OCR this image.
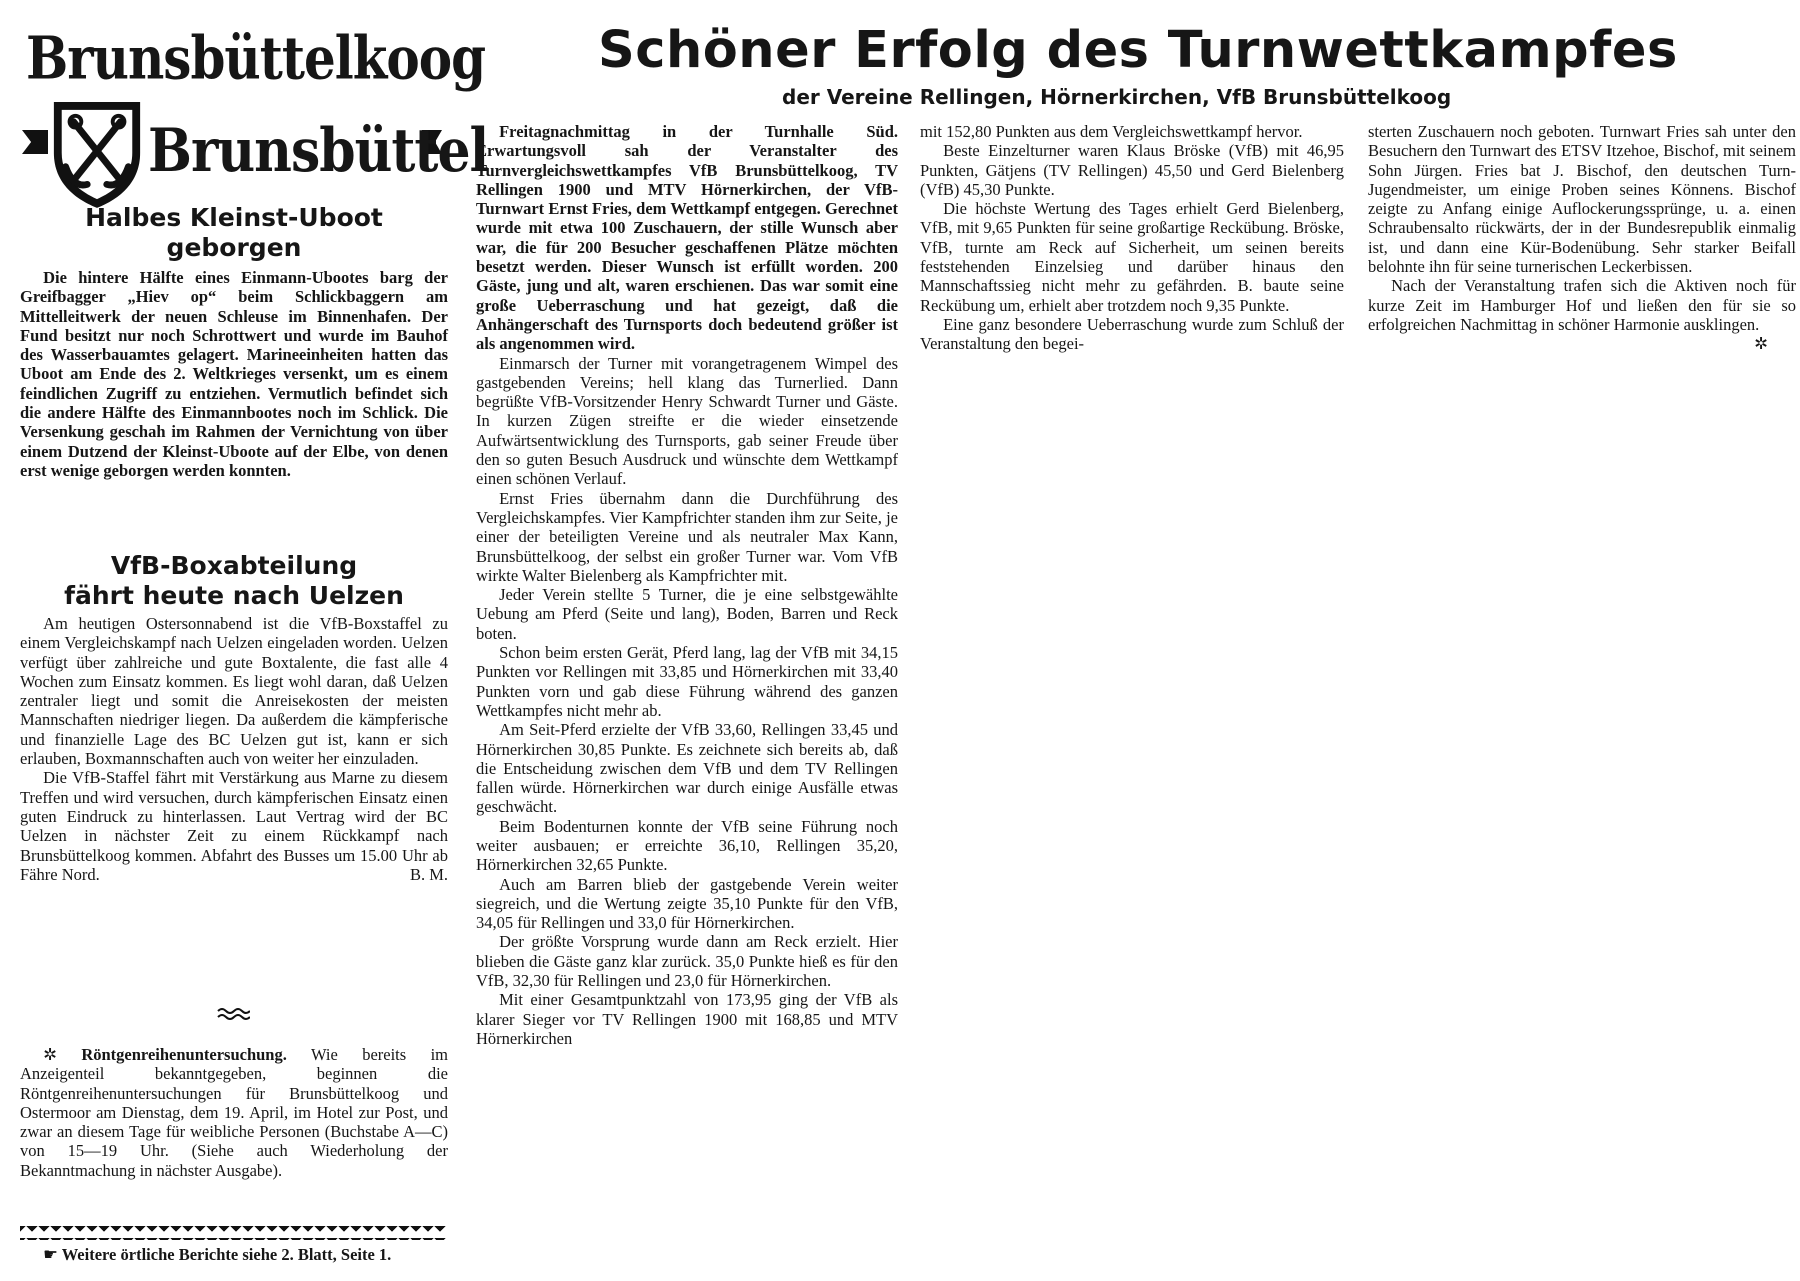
Brunsbüttelkoog
Brunsbüttel
Schöner Erfolg des Turnwettkampfes
der Vereine Rellingen, Hörnerkirchen, VfB Brunsbüttelkoog

Halbes Kleinst-Uboot

geborgen

Die hintere Hälfte eines Einmann-Ubootes barg der Greifbagger „Hiev op“ beim Schlickbaggern am Mittelleitwerk der neuen Schleuse im Binnenhafen. Der Fund besitzt nur noch Schrottwert und wurde im Bauhof des Wasserbauamtes gelagert. Marineeinheiten hatten das Uboot am Ende des 2. Weltkrieges versenkt, um es einem feindlichen Zugriff zu entziehen. Vermutlich befindet sich die andere Hälfte des Einmannbootes noch im Schlick. Die Versenkung geschah im Rahmen der Vernichtung von über einem Dutzend der Kleinst-Uboote auf der Elbe, von denen erst wenige geborgen werden konnten.

VfB-Boxabteilung

fährt heute nach Uelzen

Am heutigen Ostersonnabend ist die VfB-Boxstaffel zu einem Vergleichskampf nach Uelzen eingeladen worden. Uelzen verfügt über zahlreiche und gute Boxtalente, die fast alle 4 Wochen zum Einsatz kommen. Es liegt wohl daran, daß Uelzen zentraler liegt und somit die Anreisekosten der meisten Mannschaften niedriger liegen. Da außerdem die kämpferische und finanzielle Lage des BC Uelzen gut ist, kann er sich erlauben, Boxmannschaften auch von weiter her einzuladen.

Die VfB-Staffel fährt mit Verstärkung aus Marne zu diesem Treffen und wird versuchen, durch kämpferischen Einsatz einen guten Eindruck zu hinterlassen. Laut Vertrag wird der BC Uelzen in nächster Zeit zu einem Rückkampf nach Brunsbüttelkoog kommen. Abfahrt des Busses um 15.00 Uhr ab Fähre Nord.	B. M.

✲ Röntgenreihenuntersuchung. Wie bereits im Anzeigenteil bekanntgegeben, beginnen die Röntgenreihenuntersuchungen für Brunsbüttelkoog und Ostermoor am Dienstag, dem 19. April, im Hotel zur Post, und zwar an diesem Tage für weibliche Personen (Buchstabe A—C) von 15—19 Uhr. (Siehe auch Wiederholung der Bekanntmachung in nächster Ausgabe).

☛ Weitere örtliche Berichte siehe 2. Blatt, Seite 1.

Freitagnachmittag in der Turnhalle Süd. Erwartungsvoll sah der Veranstalter des Turnvergleichswettkampfes VfB Brunsbüttelkoog, TV Rellingen 1900 und MTV Hörnerkirchen, der VfB-Turnwart Ernst Fries, dem Wettkampf entgegen. Gerechnet wurde mit etwa 100 Zuschauern, der stille Wunsch aber war, die für 200 Besucher geschaffenen Plätze möchten besetzt werden. Dieser Wunsch ist erfüllt worden. 200 Gäste, jung und alt, waren erschienen. Das war somit eine große Ueberraschung und hat gezeigt, daß die Anhängerschaft des Turnsports doch bedeutend größer ist als angenommen wird.

Einmarsch der Turner mit vorangetragenem Wimpel des gastgebenden Vereins; hell klang das Turnerlied. Dann begrüßte VfB-Vorsitzender Henry Schwardt Turner und Gäste. In kurzen Zügen streifte er die wieder einsetzende Aufwärtsentwicklung des Turnsports, gab seiner Freude über den so guten Besuch Ausdruck und wünschte dem Wettkampf einen schönen Verlauf.

Ernst Fries übernahm dann die Durchführung des Vergleichskampfes. Vier Kampfrichter standen ihm zur Seite, je einer der beteiligten Vereine und als neutraler Max Kann, Brunsbüttelkoog, der selbst ein großer Turner war. Vom VfB wirkte Walter Bielenberg als Kampfrichter mit.

Jeder Verein stellte 5 Turner, die je eine selbstgewählte Uebung am Pferd (Seite und lang), Boden, Barren und Reck boten.

Schon beim ersten Gerät, Pferd lang, lag der VfB mit 34,15 Punkten vor Rellingen mit 33,85 und Hörnerkirchen mit 33,40 Punkten vorn und gab diese Führung während des ganzen Wettkampfes nicht mehr ab.

Am Seit-Pferd erzielte der VfB 33,60, Rellingen 33,45 und Hörnerkirchen 30,85 Punkte. Es zeichnete sich bereits ab, daß die Entscheidung zwischen dem VfB und dem TV Rellingen fallen würde. Hörnerkirchen war durch einige Ausfälle etwas geschwächt.

Beim Bodenturnen konnte der VfB seine Führung noch weiter ausbauen; er erreichte 36,10, Rellingen 35,20, Hörnerkirchen 32,65 Punkte.

Auch am Barren blieb der gastgebende Verein weiter siegreich, und die Wertung zeigte 35,10 Punkte für den VfB, 34,05 für Rellingen und 33,0 für Hörnerkirchen.

Der größte Vorsprung wurde dann am Reck erzielt. Hier blieben die Gäste ganz klar zurück. 35,0 Punkte hieß es für den VfB, 32,30 für Rellingen und 23,0 für Hörnerkirchen.

Mit einer Gesamtpunktzahl von 173,95 ging der VfB als klarer Sieger vor TV Rellingen 1900 mit 168,85 und MTV Hörnerkirchen

mit 152,80 Punkten aus dem Vergleichswettkampf hervor.

Beste Einzelturner waren Klaus Bröske (VfB) mit 46,95 Punkten, Gätjens (TV Rellingen) 45,50 und Gerd Bielenberg (VfB) 45,30 Punkte.

Die höchste Wertung des Tages erhielt Gerd Bielenberg, VfB, mit 9,65 Punkten für seine großartige Reckübung. Bröske, VfB, turnte am Reck auf Sicherheit, um seinen bereits feststehenden Einzelsieg und darüber hinaus den Mannschaftssieg nicht mehr zu gefährden. B. baute seine Reckübung um, erhielt aber trotzdem noch 9,35 Punkte.

Eine ganz besondere Ueberraschung wurde zum Schluß der Veranstaltung den begei-

sterten Zuschauern noch geboten. Turnwart Fries sah unter den Besuchern den Turnwart des ETSV Itzehoe, Bischof, mit seinem Sohn Jürgen. Fries bat J. Bischof, den deutschen Turn-Jugendmeister, um einige Proben seines Könnens. Bischof zeigte zu Anfang einige Auflockerungssprünge, u. a. einen Schraubensalto rückwärts, der in der Bundesrepublik einmalig ist, und dann eine Kür-Bodenübung. Sehr starker Beifall belohnte ihn für seine turnerischen Leckerbissen.

Nach der Veranstaltung trafen sich die Aktiven noch für kurze Zeit im Hamburger Hof und ließen den für sie so erfolgreichen Nachmittag in schöner Harmonie ausklingen.

✲
